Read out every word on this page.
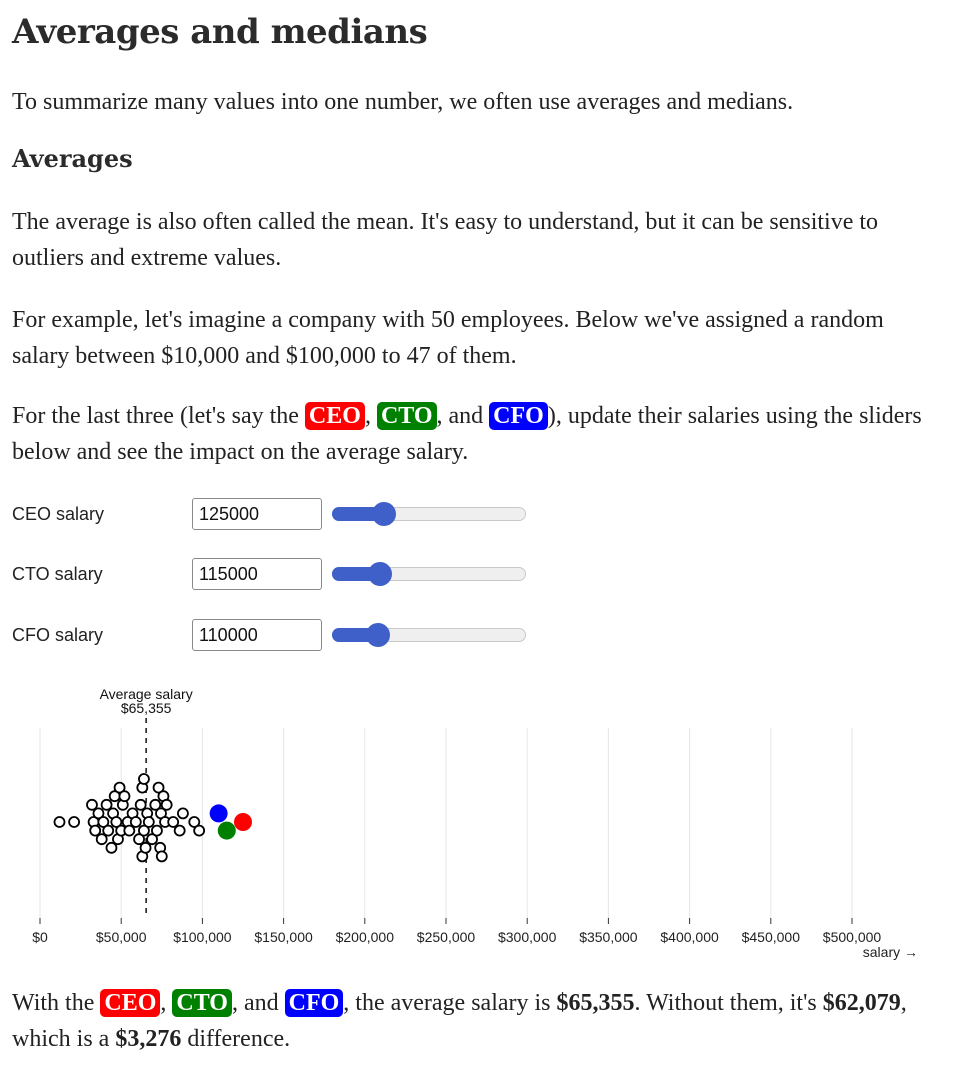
Averages and medians

To summarize many values into one number, we often use averages and medians.

Averages

The average is also often called the mean. It's easy to understand, but it can be sensitive to outliers and extreme values.

For example, let's imagine a company with 50 employees. Below we've assigned a random salary between $10,000 and $100,000 to 47 of them.

For the last three (let's say the CEO , CTO , and CFO ), update their salaries using the sliders below and see the impact on the average salary.

CEO salary
125000
CTO salary
115000
CFO salary
110000
$0	$50,000 $100,000 $150,000 $200,000 $250,000 $300,000 $350,000 $400,000 $450,000 $500,000
salary →
Average salary
$65,355

With the CEO , CTO , and CFO , the average salary is $65,355. Without them, it's $62,079, which is a $3,276 difference.
